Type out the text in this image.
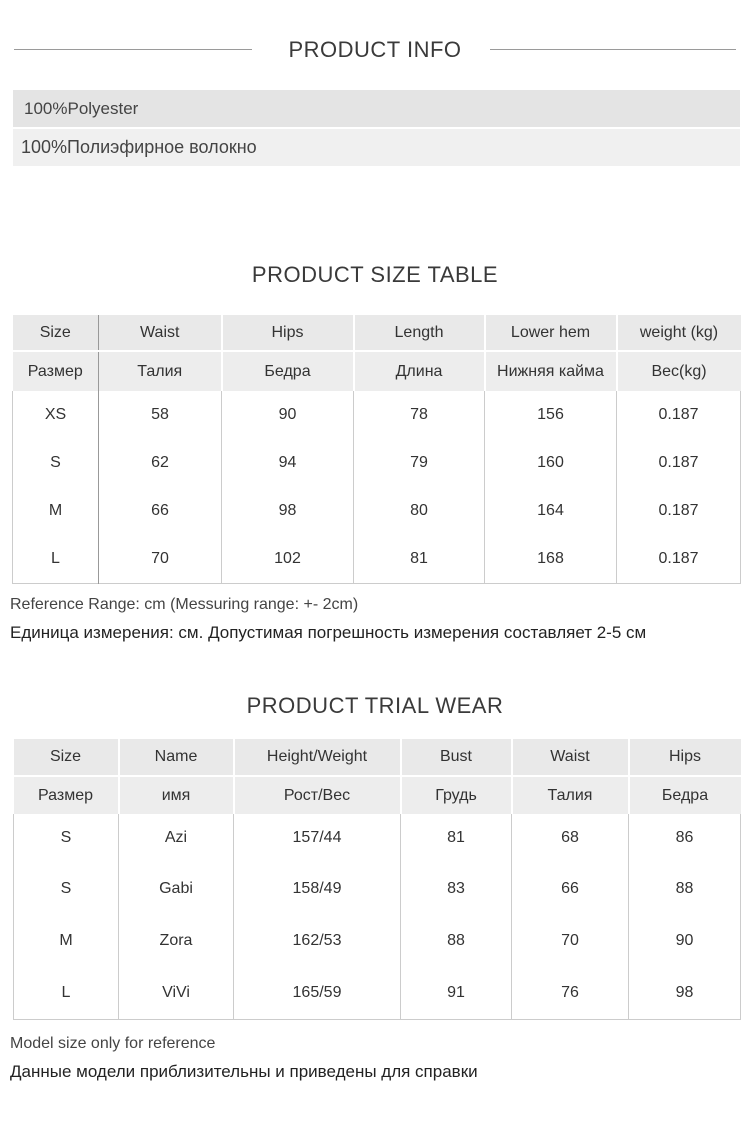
PRODUCT INFO
100%Polyester
100%Полиэфирное волокно
PRODUCT SIZE TABLE
Size	Waist	Hips	Length	Lower hem	weight (kg)
Размер	Талия	Бедра	Длина	Нижняя кайма	Вес(kg)
XS	58	90	78	156	0.187
S	62	94	79	160	0.187
M	66	98	80	164	0.187
L	70	102	81	168	0.187
Reference Range: cm (Messuring range: +- 2cm)
Единица измерения: см. Допустимая погрешность измерения составляет 2-5 см
PRODUCT TRIAL WEAR
Size	Name	Height/Weight	Bust	Waist	Hips
Размер	имя	Рост/Вес	Грудь	Талия	Бедра
S	Azi	157/44	81	68	86
S	Gabi	158/49	83	66	88
M	Zora	162/53	88	70	90
L	ViVi	165/59	91	76	98
Model size only for reference
Данные модели приблизительны и приведены для справки
